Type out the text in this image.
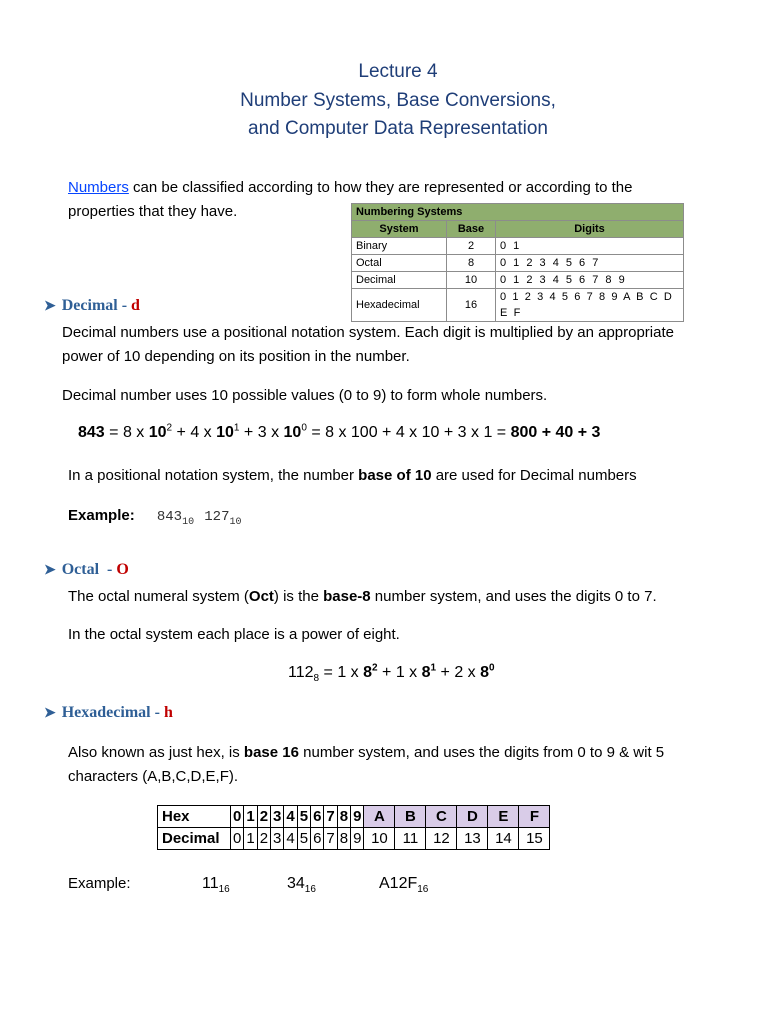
Lecture 4
Number Systems, Base Conversions,
and Computer Data Representation
Numbers can be classified according to how they are represented or according to the
properties that they have.	Numbering Systems		
System	Base	Digits
Binary	2	0 1
Octal	8	0 1 2 3 4 5 6 7
Decimal	10	0 1 2 3 4 5 6 7 8 9
Hexadecimal	16	0 1 2 3 4 5 6 7 8 9 A B C D E F
➤ Decimal - d
Decimal numbers use a positional notation system. Each digit is multiplied by an appropriate
power of 10 depending on its position in the number.
Decimal number uses 10 possible values (0 to 9) to form whole numbers.
843 = 8 x $10^2 + 4$ x $10^1 + 3$ x $10^0 = 8$ x 100 + 4 x 10 + 3 x 1 = 800 + 40 + 3
In a positional notation system, the number base of 10 are used for Decimal numbers
Example: $843_{10}$ $127_{10}$
➤ Octal  - O
The octal numeral system (Oct) is the base-8 number system, and uses the digits 0 to 7.
In the octal system each place is a power of eight.
$112_8 = 1$ x $8^2 + 1$ x $8^1 + 2$ x $8^0$
➤ Hexadecimal - h
Also known as just hex, is base 16 number system, and uses the digits from 0 to 9 & wit 5
characters (A,B,C,D,E,F).
Hex	0	1	2	3	4	5	6	7	8	9	A	B	C	D	E	F
Decimal	0	1	2	3	4	5	6	7	8	9	10	11	12	13	14	15
Example:	$11_{16}$	$34_{16}$	$A12F_{16}$
